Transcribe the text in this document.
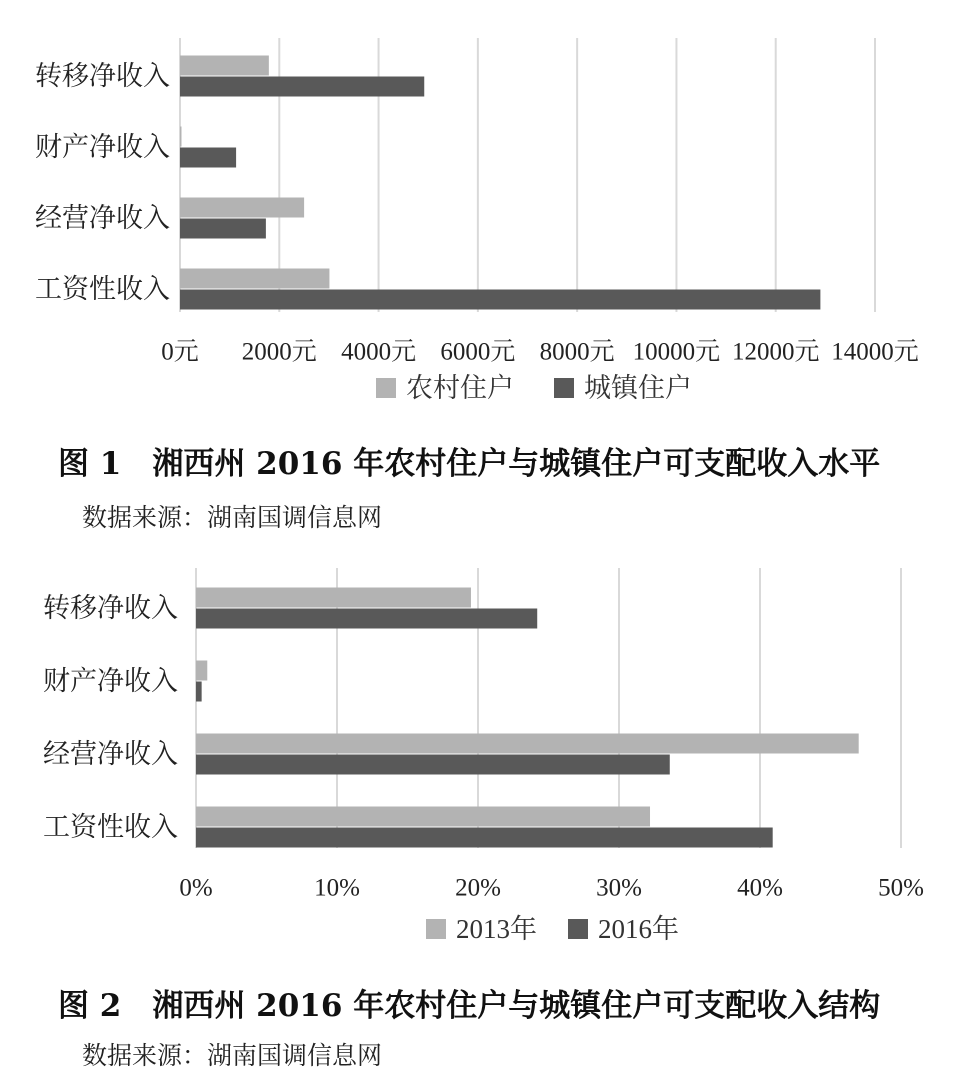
转移净收入
财产净收入
经营净收入
工资性收入
0元 2000元 4000元 6000元 8000元 10000元 12000元 14000元
农村住户	城镇住户
图 1　湘西州 2016 年农村住户与城镇住户可支配收入水平
数据来源：湖南国调信息网
转移净收入
财产净收入
经营净收入
工资性收入
0%	10%	20%	30%	40%	50%
2013年 2016年
图 2　湘西州 2016 年农村住户与城镇住户可支配收入结构
数据来源：湖南国调信息网
